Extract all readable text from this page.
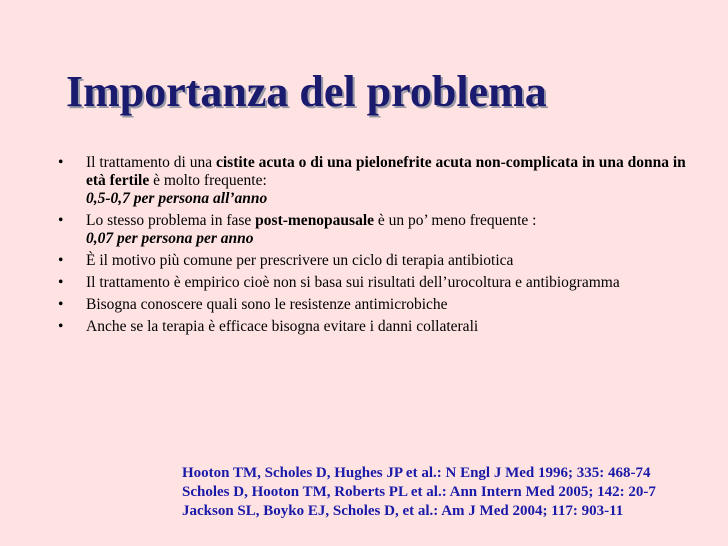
Importanza del problema
• Il trattamento di una cistite acuta o di una pielonefrite acuta non-complicata in una donna in età fertile è molto frequente:
0,5-0,7 per persona all’anno
• Lo stesso problema in fase post-menopausale è un po’ meno frequente :
0,07 per persona per anno
• È il motivo più comune per prescrivere un ciclo di terapia antibiotica
• Il trattamento è empirico cioè non si basa sui risultati dell’urocoltura e antibiogramma
• Bisogna conoscere quali sono le resistenze antimicrobiche
• Anche se la terapia è efficace bisogna evitare i danni collaterali
Hooton TM, Scholes D, Hughes JP et al.: N Engl J Med 1996; 335: 468-74
Scholes D, Hooton TM, Roberts PL et al.: Ann Intern Med 2005; 142: 20-7
Jackson SL, Boyko EJ, Scholes D, et al.: Am J Med 2004; 117: 903-11
